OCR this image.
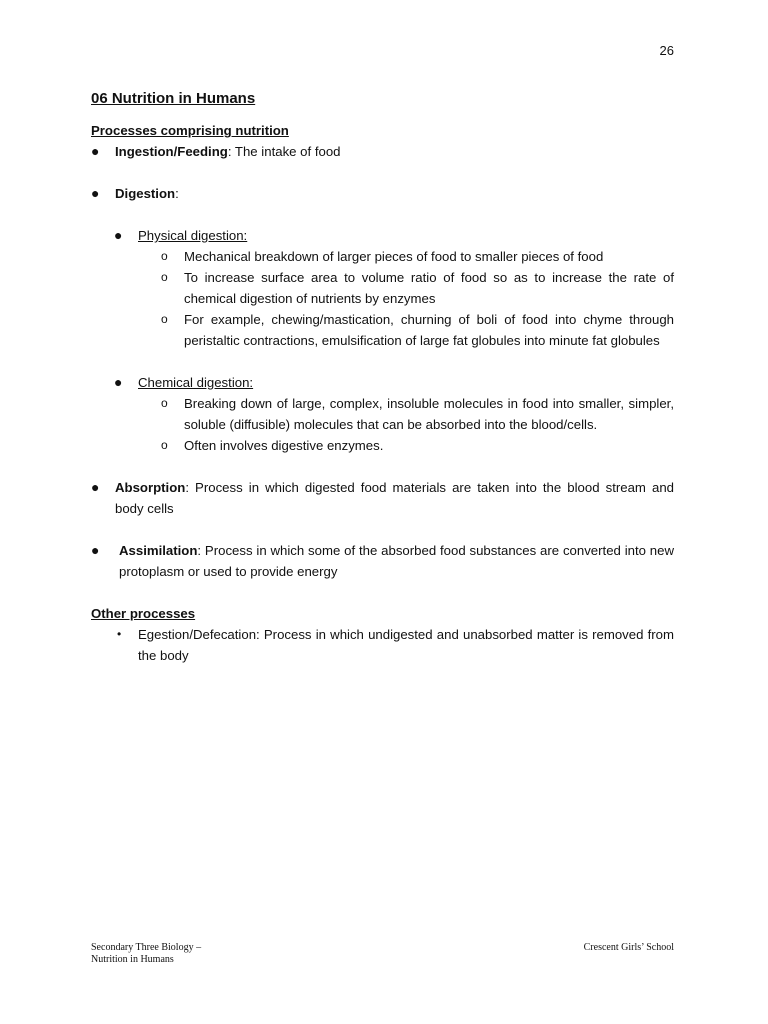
26
06 Nutrition in Humans
Processes comprising nutrition
● Ingestion/Feeding: The intake of food
● Digestion:
● Physical digestion:
o Mechanical breakdown of larger pieces of food to smaller pieces of food
o To increase surface area to volume ratio of food so as to increase the rate of chemical digestion of nutrients by enzymes
o For example, chewing/mastication, churning of boli of food into chyme through peristaltic contractions, emulsification of large fat globules into minute fat globules
● Chemical digestion:
o Breaking down of large, complex, insoluble molecules in food into smaller, simpler, soluble (diffusible) molecules that can be absorbed into the blood/cells.
o Often involves digestive enzymes.
● Absorption: Process in which digested food materials are taken into the blood stream and body cells
● Assimilation: Process in which some of the absorbed food substances are converted into new protoplasm or used to provide energy
Other processes
• Egestion/Defecation: Process in which undigested and unabsorbed matter is removed from the body
Secondary Three Biology –
Nutrition in Humans
Crescent Girls’ School
